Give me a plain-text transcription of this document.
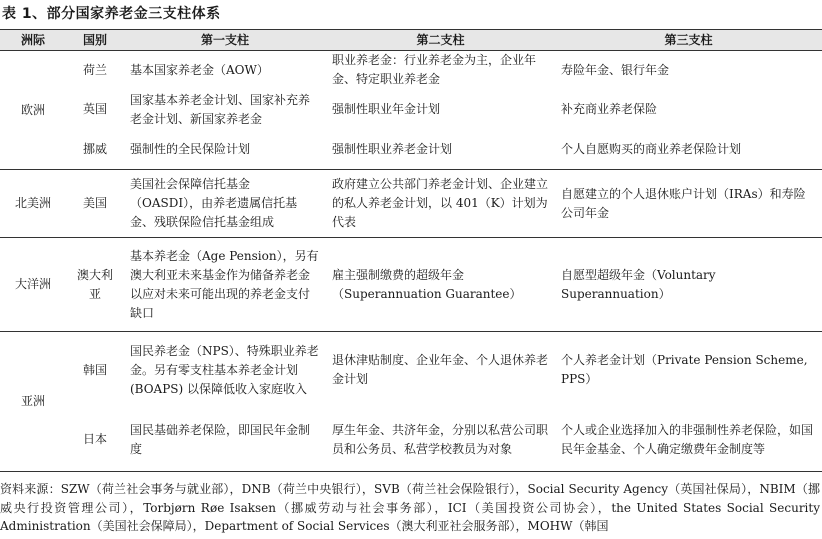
表 1、部分国家养老金三支柱体系
洲际	国别	第一支柱	第二支柱	第三支柱
欧洲	荷兰	基本国家养老金（AOW）	职业养老金：行业养老金为主，企业年金、特定职业养老金	寿险年金、银行年金
	英国	国家基本养老金计划、国家补充养老金计划、新国家养老金	强制性职业年金计划	补充商业养老保险
	挪威	强制性的全民保险计划	强制性职业养老金计划	个人自愿购买的商业养老保险计划
北美洲	美国	美国社会保障信托基金（OASDI），由养老遗属信托基金、残联保险信托基金组成	政府建立公共部门养老金计划、企业建立的私人养老金计划，以 401（K）计划为代表	自愿建立的个人退休账户计划（IRAs）和寿险公司年金
大洋洲	澳大利亚	基本养老金（Age Pension），另有澳大利亚未来基金作为储备养老金以应对未来可能出现的养老金支付缺口	雇主强制缴费的超级年金（Superannuation Guarantee）	自愿型超级年金（Voluntary Superannuation）
亚洲	韩国	国民养老金（NPS）、特殊职业养老金。另有零支柱基本养老金计划(BOAPS) 以保障低收入家庭收入	退休津贴制度、企业年金、个人退休养老金计划	个人养老金计划（Private Pension Scheme, PPS）
	日本	国民基础养老保险，即国民年金制度	厚生年金、共济年金，分别以私营公司职员和公务员、私营学校教员为对象	个人或企业选择加入的非强制性养老保险，如国民年金基金、个人确定缴费年金制度等
资料来源：SZW（荷兰社会事务与就业部），DNB（荷兰中央银行），SVB（荷兰社会保险银行），Social Security Agency（英国社保局），NBIM（挪威央行投资管理公司），Torbjørn Røe Isaksen（挪威劳动与社会事务部），ICI（美国投资公司协会），the United States Social Security Administration（美国社会保障局），Department of Social Services（澳大利亚社会服务部），MOHW（韩国
